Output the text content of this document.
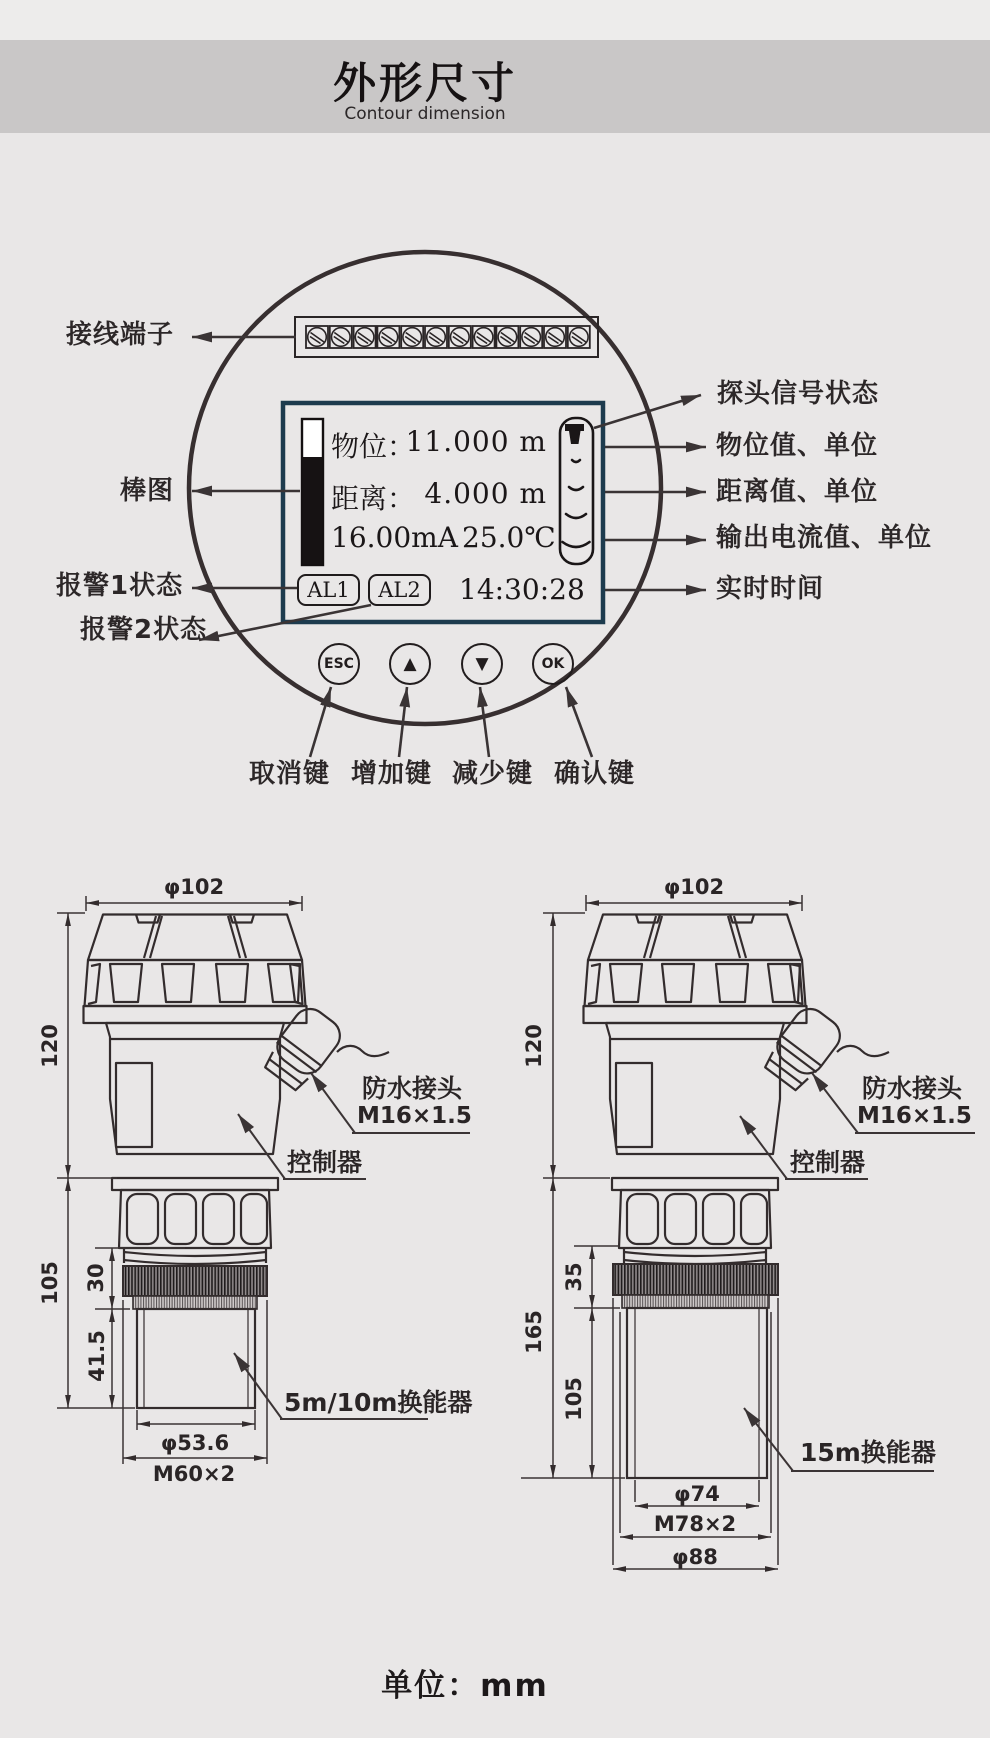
外形尺寸
Contour dimension
接线端子
棒图
报警1状态
报警2状态
探头信号状态
物位值、单位
距离值、单位
输出电流值、单位
实时时间
物位：
11.000 m
距离： 4.000 m
16.00mA 25.0℃
AL1 AL2 14:30:28
ESC	▲	▼	OK
取消键 增加键 减少键 确认键
φ102
120
105 30
41.5
φ53.6
M60×2
防水接头
M16×1.5
控制器
5m/10m换能器
φ102
120
165
35
105
φ74
M78×2
φ88
防水接头
M16×1.5
控制器
15m换能器
单位：mm
